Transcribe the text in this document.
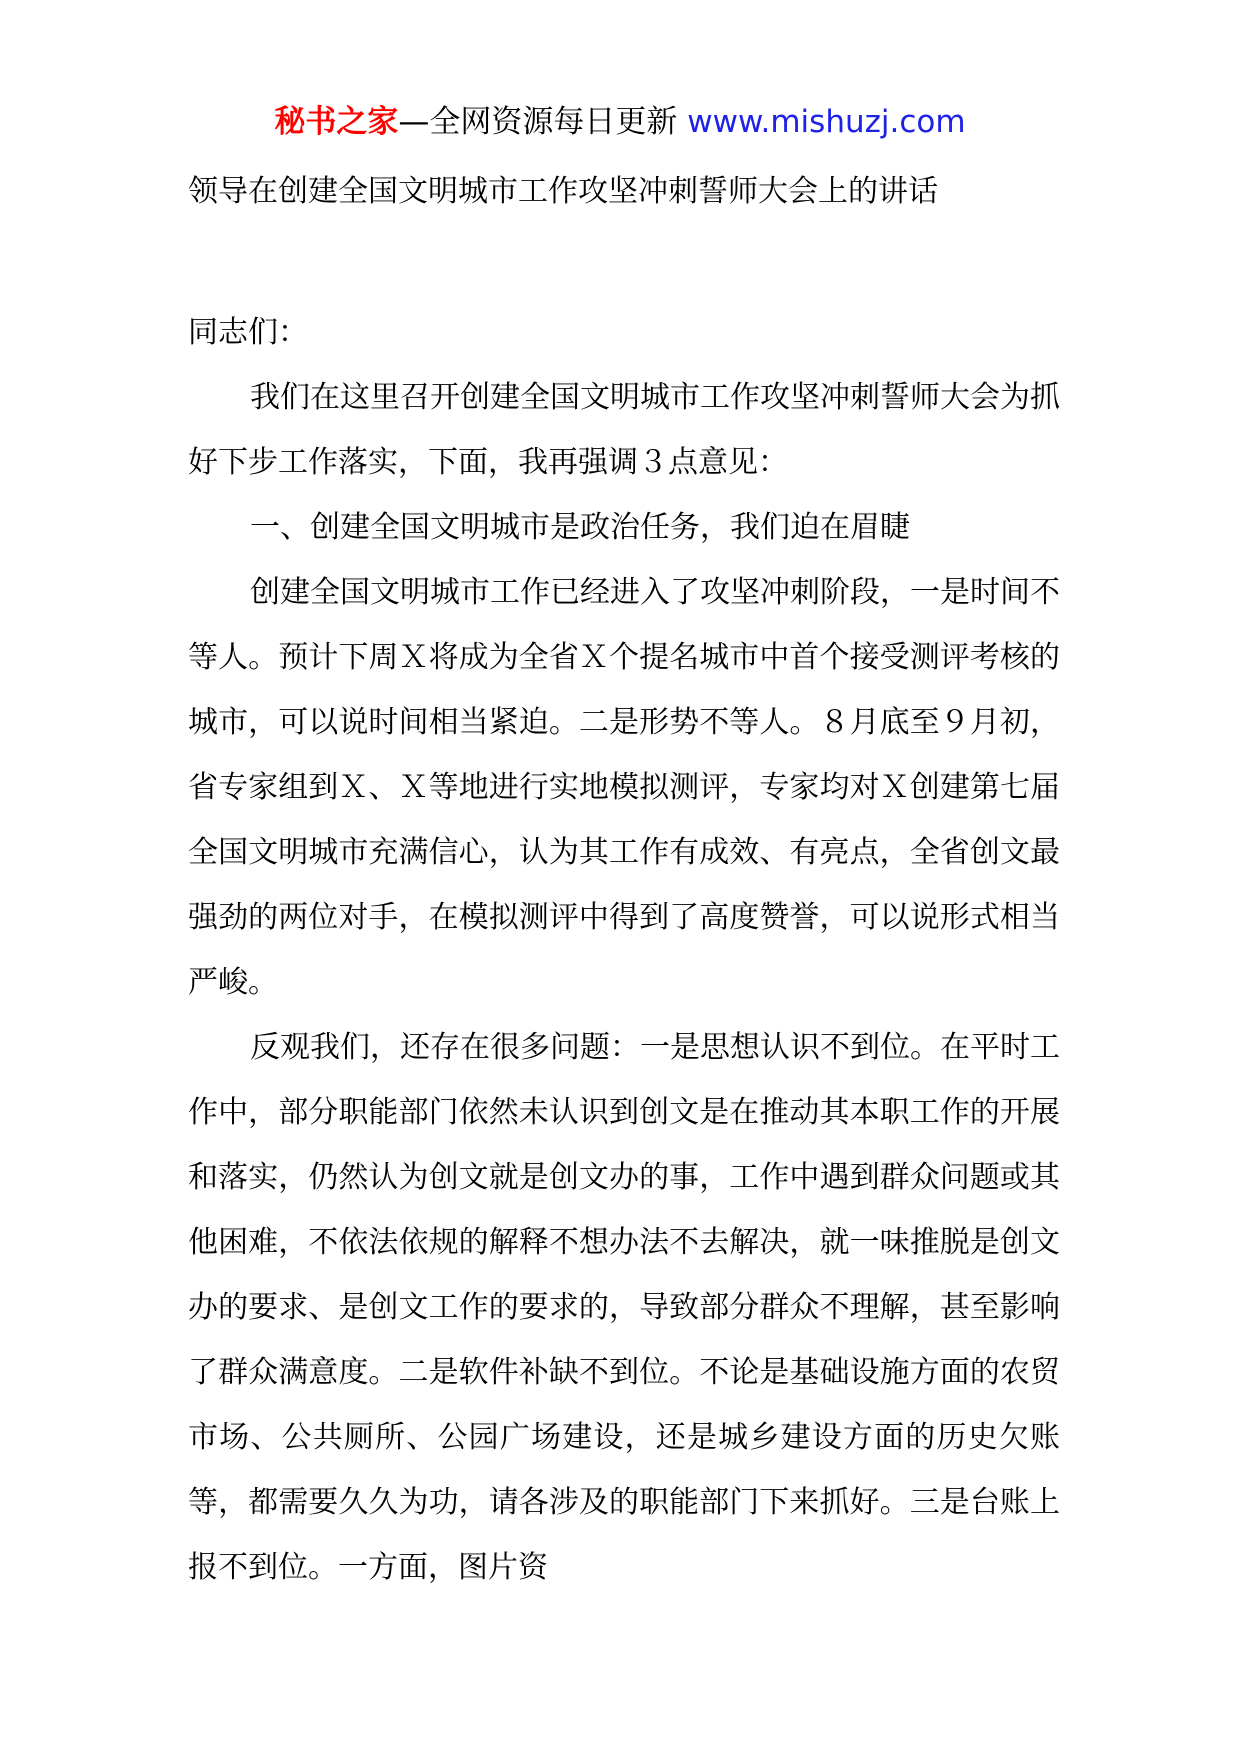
秘书之家—全网资源每日更新 www.mishuzj.com
领导在创建全国文明城市工作攻坚冲刺誓师大会上的讲话

同志们：

我们在这里召开创建全国文明城市工作攻坚冲刺誓师大会为抓好下步工作落实，下面，我再强调３点意见：

一、创建全国文明城市是政治任务，我们迫在眉睫

创建全国文明城市工作已经进入了攻坚冲刺阶段，一是时间不等人。预计下周Ｘ将成为全省Ｘ个提名城市中首个接受测评考核的城市，可以说时间相当紧迫。二是形势不等人。８月底至９月初，省专家组到Ｘ、Ｘ等地进行实地模拟测评，专家均对Ｘ创建第七届全国文明城市充满信心，认为其工作有成效、有亮点，全省创文最强劲的两位对手，在模拟测评中得到了高度赞誉，可以说形式相当严峻。

反观我们，还存在很多问题：一是思想认识不到位。在平时工作中，部分职能部门依然未认识到创文是在推动其本职工作的开展和落实，仍然认为创文就是创文办的事，工作中遇到群众问题或其他困难，不依法依规的解释不想办法不去解决，就一味推脱是创文办的要求、是创文工作的要求的，导致部分群众不理解，甚至影响了群众满意度。二是软件补缺不到位。不论是基础设施方面的农贸市场、公共厕所、公园广场建设，还是城乡建设方面的历史欠账等，都需要久久为功，请各涉及的职能部门下来抓好。三是台账上报不到位。一方面，图片资
